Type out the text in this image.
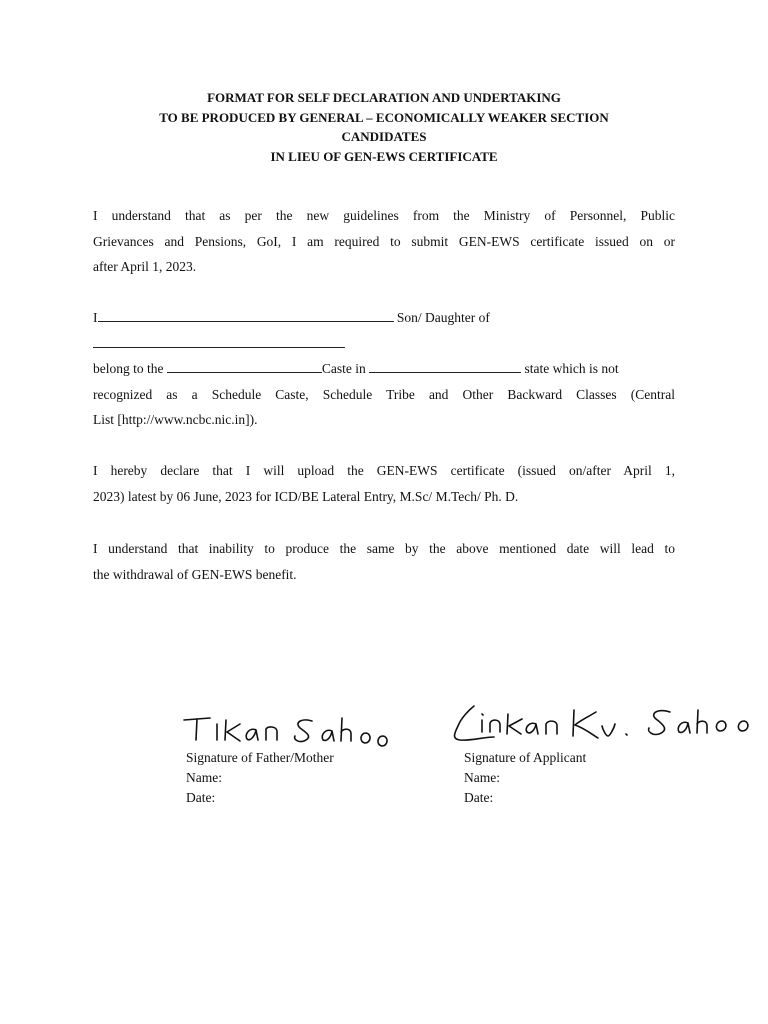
FORMAT FOR SELF DECLARATION AND UNDERTAKING
TO BE PRODUCED BY GENERAL – ECONOMICALLY WEAKER SECTION
CANDIDATES
IN LIEU OF GEN-EWS CERTIFICATE
I understand that as per the new guidelines from the Ministry of Personnel, Public
Grievances and Pensions, GoI, I am required to submit GEN-EWS certificate issued on or
after April 1, 2023.
I	Son/ Daughter of
belong to the	Caste in	state which is not
recognized as a Schedule Caste, Schedule Tribe and Other Backward Classes (Central
List [http://www.ncbc.nic.in]).
I hereby declare that I will upload the GEN-EWS certificate (issued on/after April 1,
2023) latest by 06 June, 2023 for ICD/BE Lateral Entry, M.Sc/ M.Tech/ Ph. D.
I understand that inability to produce the same by the above mentioned date will lead to
the withdrawal of GEN-EWS benefit.
Signature of Father/Mother
Name:
Date:
Signature of Applicant
Name:
Date:
